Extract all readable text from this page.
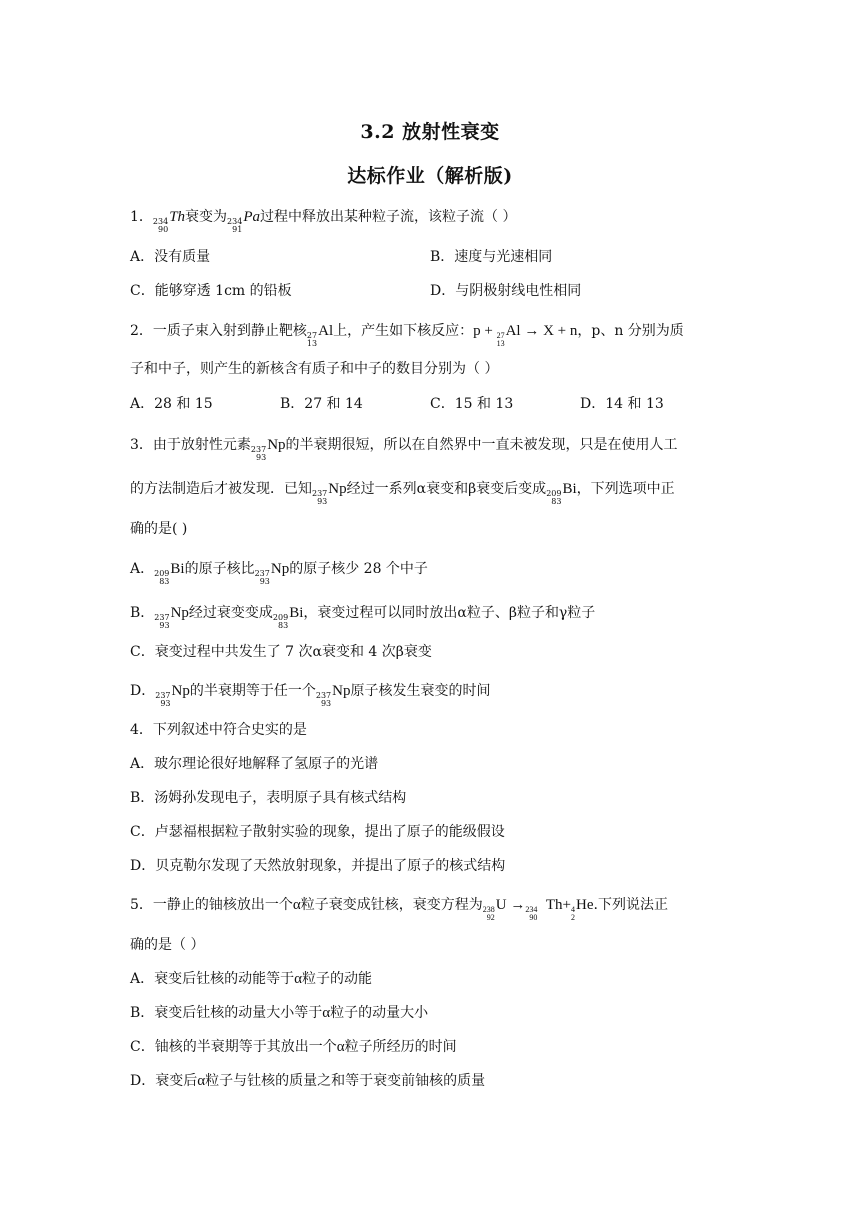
3.2 放射性衰变
达标作业（解析版)
1． 234
90
Th衰变为 234
91
Pa过程中释放出某种粒子流，该粒子流（ ）
A．没有质量	B．速度与光速相同
C．能够穿透 1cm 的铅板	D．与阴极射线电性相同
2．一质子束入射到静止靶核 27
13
Al上，产生如下核反应：p + 27
13
Al → X + n，p、n 分别为质
子和中子，则产生的新核含有质子和中子的数目分别为（ ）
A．28 和 15	B．27 和 14	C．15 和 13	D．14 和 13
3．由于放射性元素 237
93
Np的半衰期很短，所以在自然界中一直未被发现，只是在使用人工
的方法制造后才被发现．已知 237
93
Np经过一系列α衰变和β衰变后变成 209
83
Bi，下列选项中正
确的是( )
A． 209
83
Bi的原子核比 237
93
Np的原子核少 28 个中子
B． 237
93
Np经过衰变变成 209
83
Bi，衰变过程可以同时放出α粒子、β粒子和γ粒子
C．衰变过程中共发生了 7 次α衰变和 4 次β衰变
D． 237
93
Np的半衰期等于任一个 237
93
Np原子核发生衰变的时间
4．下列叙述中符合史实的是
A．玻尔理论很好地解释了氢原子的光谱
B．汤姆孙发现电子，表明原子具有核式结构
C．卢瑟福根据粒子散射实验的现象，提出了原子的能级假设
D．贝克勒尔发现了天然放射现象，并提出了原子的核式结构
5．一静止的铀核放出一个α粒子衰变成钍核，衰变方程为 238
92
U → 234
90
Th+ 4
2
He.下列说法正
确的是（ ）
A．衰变后钍核的动能等于α粒子的动能
B．衰变后钍核的动量大小等于α粒子的动量大小
C．铀核的半衰期等于其放出一个α粒子所经历的时间
D．衰变后α粒子与钍核的质量之和等于衰变前铀核的质量
